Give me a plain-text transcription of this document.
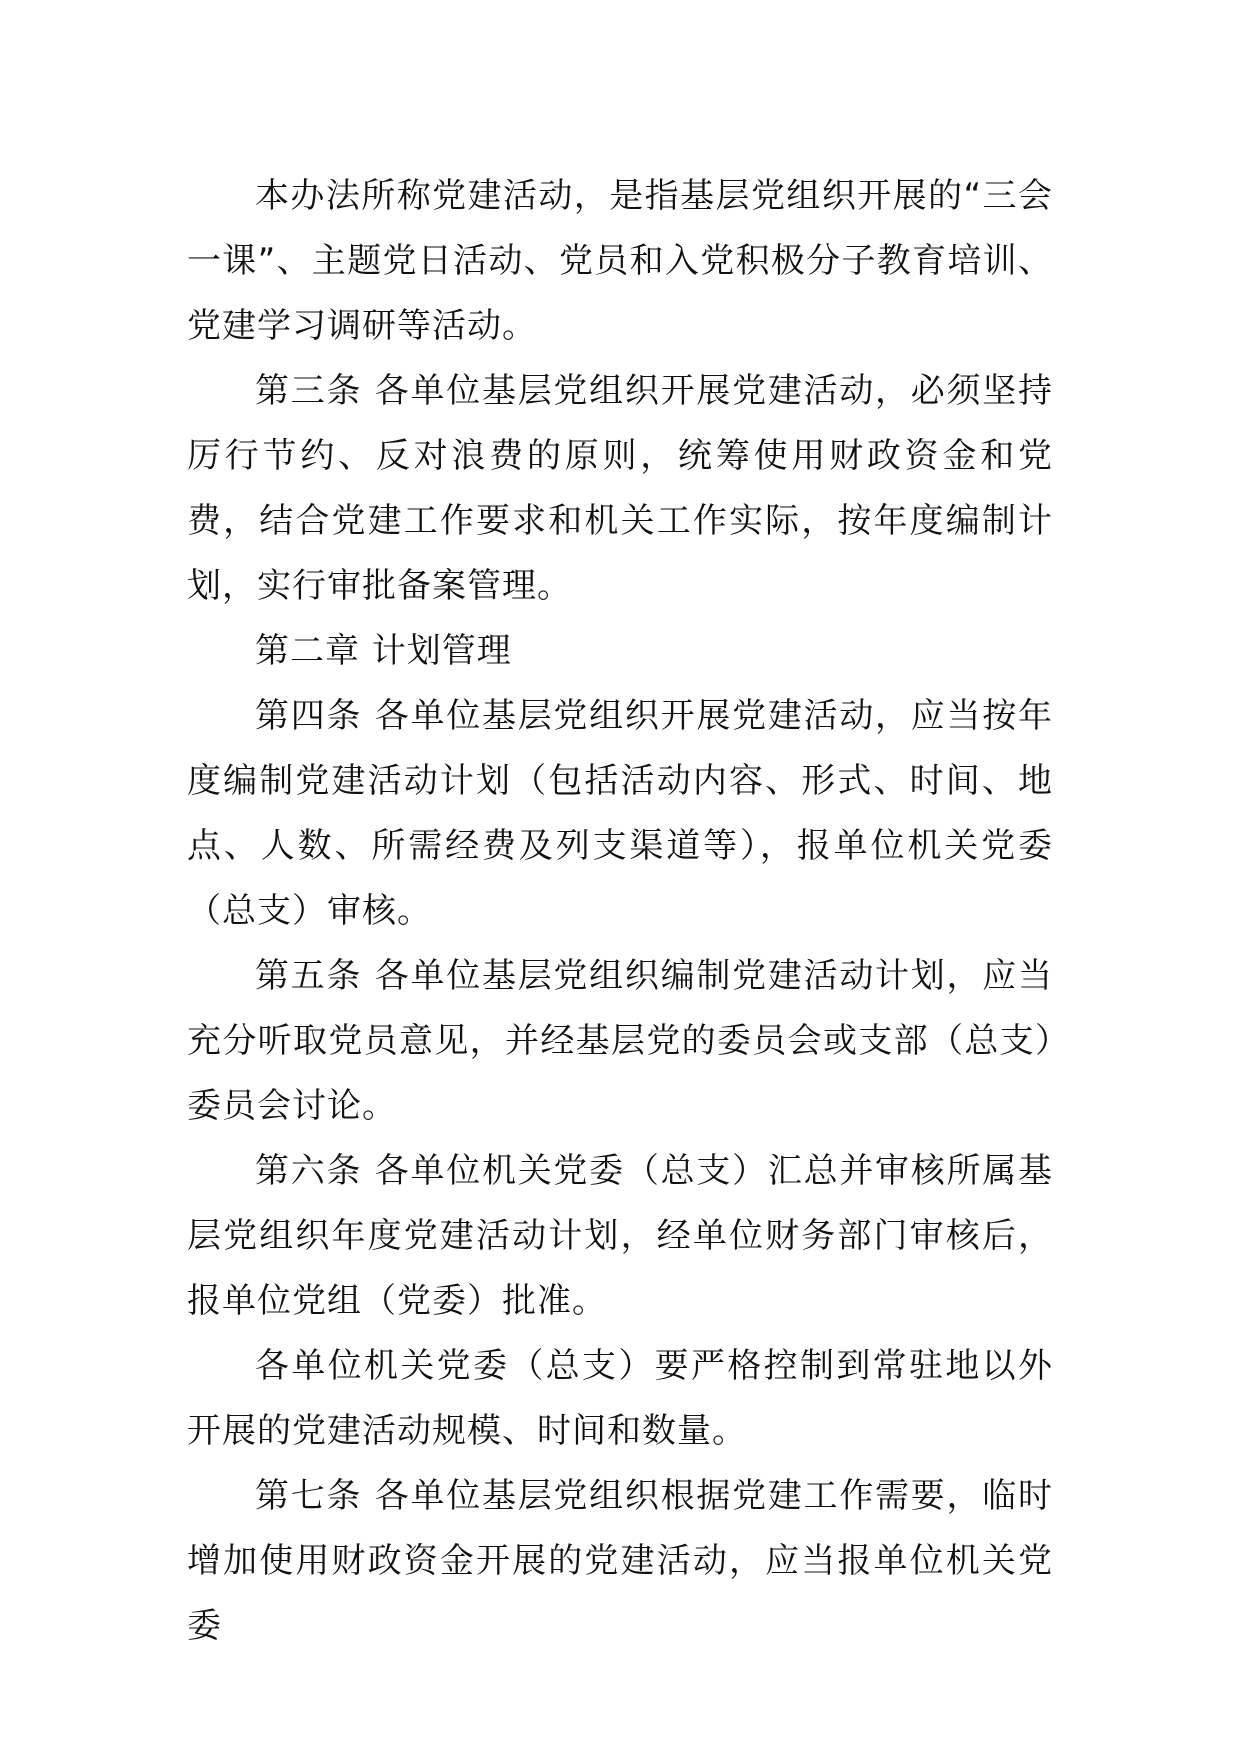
本办法所称党建活动，是指基层党组织开展的“三会一课”、主题党日活动、党员和入党积极分子教育培训、党建学习调研等活动。

第三条 各单位基层党组织开展党建活动，必须坚持厉行节约、反对浪费的原则，统筹使用财政资金和党费，结合党建工作要求和机关工作实际，按年度编制计划，实行审批备案管理。

第二章 计划管理

第四条 各单位基层党组织开展党建活动，应当按年度编制党建活动计划（包括活动内容、形式、时间、地点、人数、所需经费及列支渠道等），报单位机关党委（总支）审核。

第五条 各单位基层党组织编制党建活动计划，应当充分听取党员意见，并经基层党的委员会或支部（总支）委员会讨论。

第六条 各单位机关党委（总支）汇总并审核所属基层党组织年度党建活动计划，经单位财务部门审核后，报单位党组（党委）批准。

各单位机关党委（总支）要严格控制到常驻地以外开展的党建活动规模、时间和数量。

第七条 各单位基层党组织根据党建工作需要，临时增加使用财政资金开展的党建活动，应当报单位机关党委
